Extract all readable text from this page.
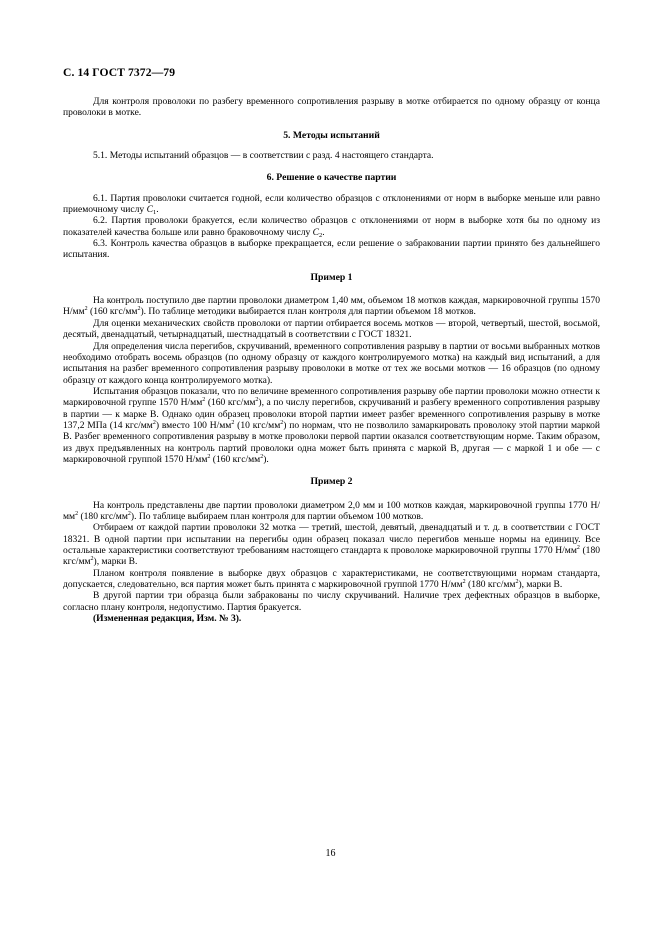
С. 14 ГОСТ 7372—79

Для контроля проволоки по разбегу временного сопротивления разрыву в мотке отбирается по одному образцу от конца проволоки в мотке.

5. Методы испытаний

5.1. Методы испытаний образцов — в соответствии с разд. 4 настоящего стандарта.

6. Решение о качестве партии

6.1. Партия проволоки считается годной, если количество образцов с отклонениями от норм в выборке меньше или равно приемочному числу $C_1$.

6.2. Партия проволоки бракуется, если количество образцов с отклонениями от норм в выборке хотя бы по одному из показателей качества больше или равно браковочному числу $C_2$.

6.3. Контроль качества образцов в выборке прекращается, если решение о забраковании партии принято без дальнейшего испытания.

Пример 1

На контроль поступило две партии проволоки диаметром 1,40 мм, объемом 18 мотков каждая, маркировочной группы 1570 $Н/мм^2$ (160 кгс/$мм^2$). По таблице методики выбирается план контроля для партии объемом 18 мотков.

Для оценки механических свойств проволоки от партии отбирается восемь мотков — второй, четвертый, шестой, восьмой, десятый, двенадцатый, четырнадцатый, шестнадцатый в соответствии с ГОСТ 18321.

Для определения числа перегибов, скручиваний, временного сопротивления разрыву в партии от восьми выбранных мотков необходимо отобрать восемь образцов (по одному образцу от каждого контролируемого мотка) на каждый вид испытаний, а для испытания на разбег временного сопротивления разрыву проволоки в мотке от тех же восьми мотков — 16 образцов (по одному образцу от каждого конца контролируемого мотка).

Испытания образцов показали, что по величине временного сопротивления разрыву обе партии проволоки можно отнести к маркировочной группе 1570 $Н/мм^2$ (160 кгс/$мм^2$), а по числу перегибов, скручиваний и разбегу временного сопротивления разрыву в партии — к марке В. Однако один образец проволоки второй партии имеет разбег временного сопротивления разрыву в мотке 137,2 МПа (14 кгс/$мм^2$) вместо 100 $Н/мм^2$ (10 кгс/$мм^2$) по нормам, что не позволило замаркировать проволоку этой партии маркой В. Разбег временного сопротивления разрыву в мотке проволоки первой партии оказался соответствующим норме. Таким образом, из двух предъявленных на контроль партий проволоки одна может быть принята с маркой В, другая — с маркой 1 и обе — с маркировочной группой 1570 $Н/мм^2$ (160 кгс/$мм^2$).

Пример 2

На контроль представлены две партии проволоки диаметром 2,0 мм и 100 мотков каждая, маркировочной группы 1770 $Н/мм^2$ (180 кгс/$мм^2$). По таблице выбираем план контроля для партии объемом 100 мотков.

Отбираем от каждой партии проволоки 32 мотка — третий, шестой, девятый, двенадцатый и т. д. в соответствии с ГОСТ 18321. В одной партии при испытании на перегибы один образец показал число перегибов меньше нормы на единицу. Все остальные характеристики соответствуют требованиям настоящего стандарта к проволоке маркировочной группы 1770 $Н/мм^2$ (180 кгс/$мм^2$), марки В.

Планом контроля появление в выборке двух образцов с характеристиками, не соответствующими нормам стандарта, допускается, следовательно, вся партия может быть принята с маркировочной группой 1770 $Н/мм^2$ (180 кгс/$мм^2$), марки В.

В другой партии три образца были забракованы по числу скручиваний. Наличие трех дефектных образцов в выборке, согласно плану контроля, недопустимо. Партия бракуется.

(Измененная редакция, Изм. № 3).

16
